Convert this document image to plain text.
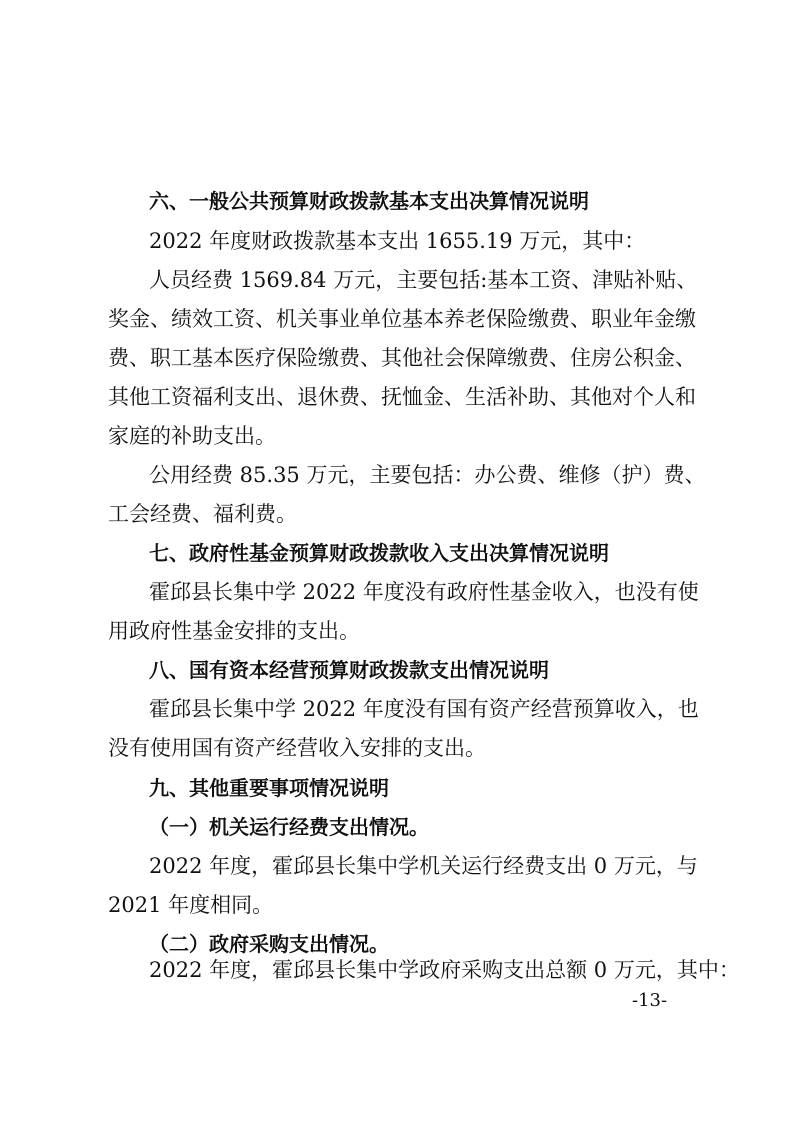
六、一般公共预算财政拨款基本支出决算情况说明

2022 年度财政拨款基本支出 1655.19 万元，其中：

人员经费 1569.84 万元，主要包括:基本工资、津贴补贴、

奖金、绩效工资、机关事业单位基本养老保险缴费、职业年金缴

费、职工基本医疗保险缴费、其他社会保障缴费、住房公积金、

其他工资福利支出、退休费、抚恤金、生活补助、其他对个人和

家庭的补助支出。

公用经费 85.35 万元，主要包括：办公费、维修（护）费、

工会经费、福利费。

七、政府性基金预算财政拨款收入支出决算情况说明

霍邱县长集中学 2022 年度没有政府性基金收入，也没有使

用政府性基金安排的支出。

八、国有资本经营预算财政拨款支出情况说明

霍邱县长集中学 2022 年度没有国有资产经营预算收入，也

没有使用国有资产经营收入安排的支出。

九、其他重要事项情况说明

（一）机关运行经费支出情况。

2022 年度，霍邱县长集中学机关运行经费支出 0 万元，与

2021 年度相同。

（二）政府采购支出情况。

2022 年度，霍邱县长集中学政府采购支出总额 0 万元，其中：

-13-
